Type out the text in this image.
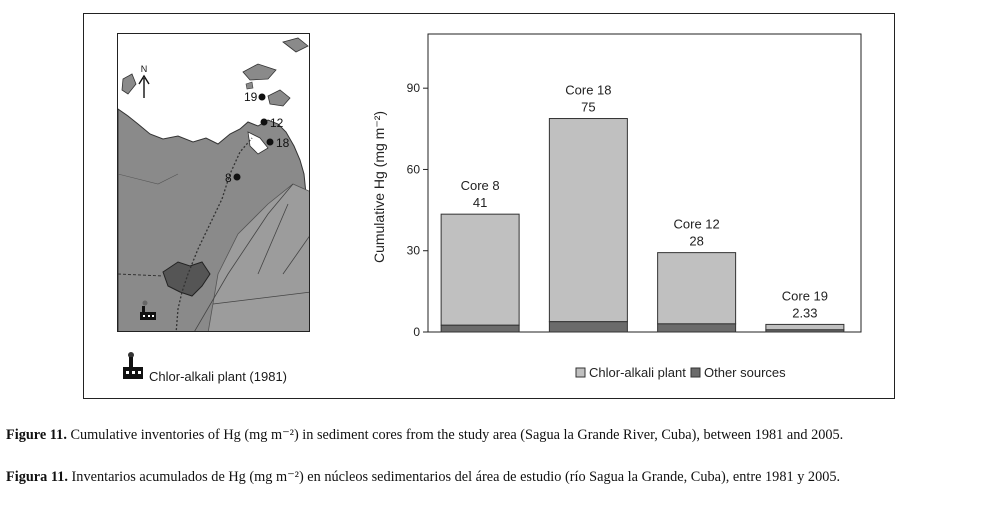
N
19
12
18
8
Chlor-alkali plant (1981)
0
30
60
90
Cumulative Hg (mg m⁻²)	Core 8
41
Core 18
75
Core 12
28
Core 19
2.33
Chlor-alkali plant Other sources
Figure 11. Cumulative inventories of Hg (mg m⁻²) in sediment cores from the study area (Sagua la Grande River, Cuba), between 1981 and 2005.
Figura 11. Inventarios acumulados de Hg (mg m⁻²) en núcleos sedimentarios del área de estudio (río Sagua la Grande, Cuba), entre 1981 y 2005.
